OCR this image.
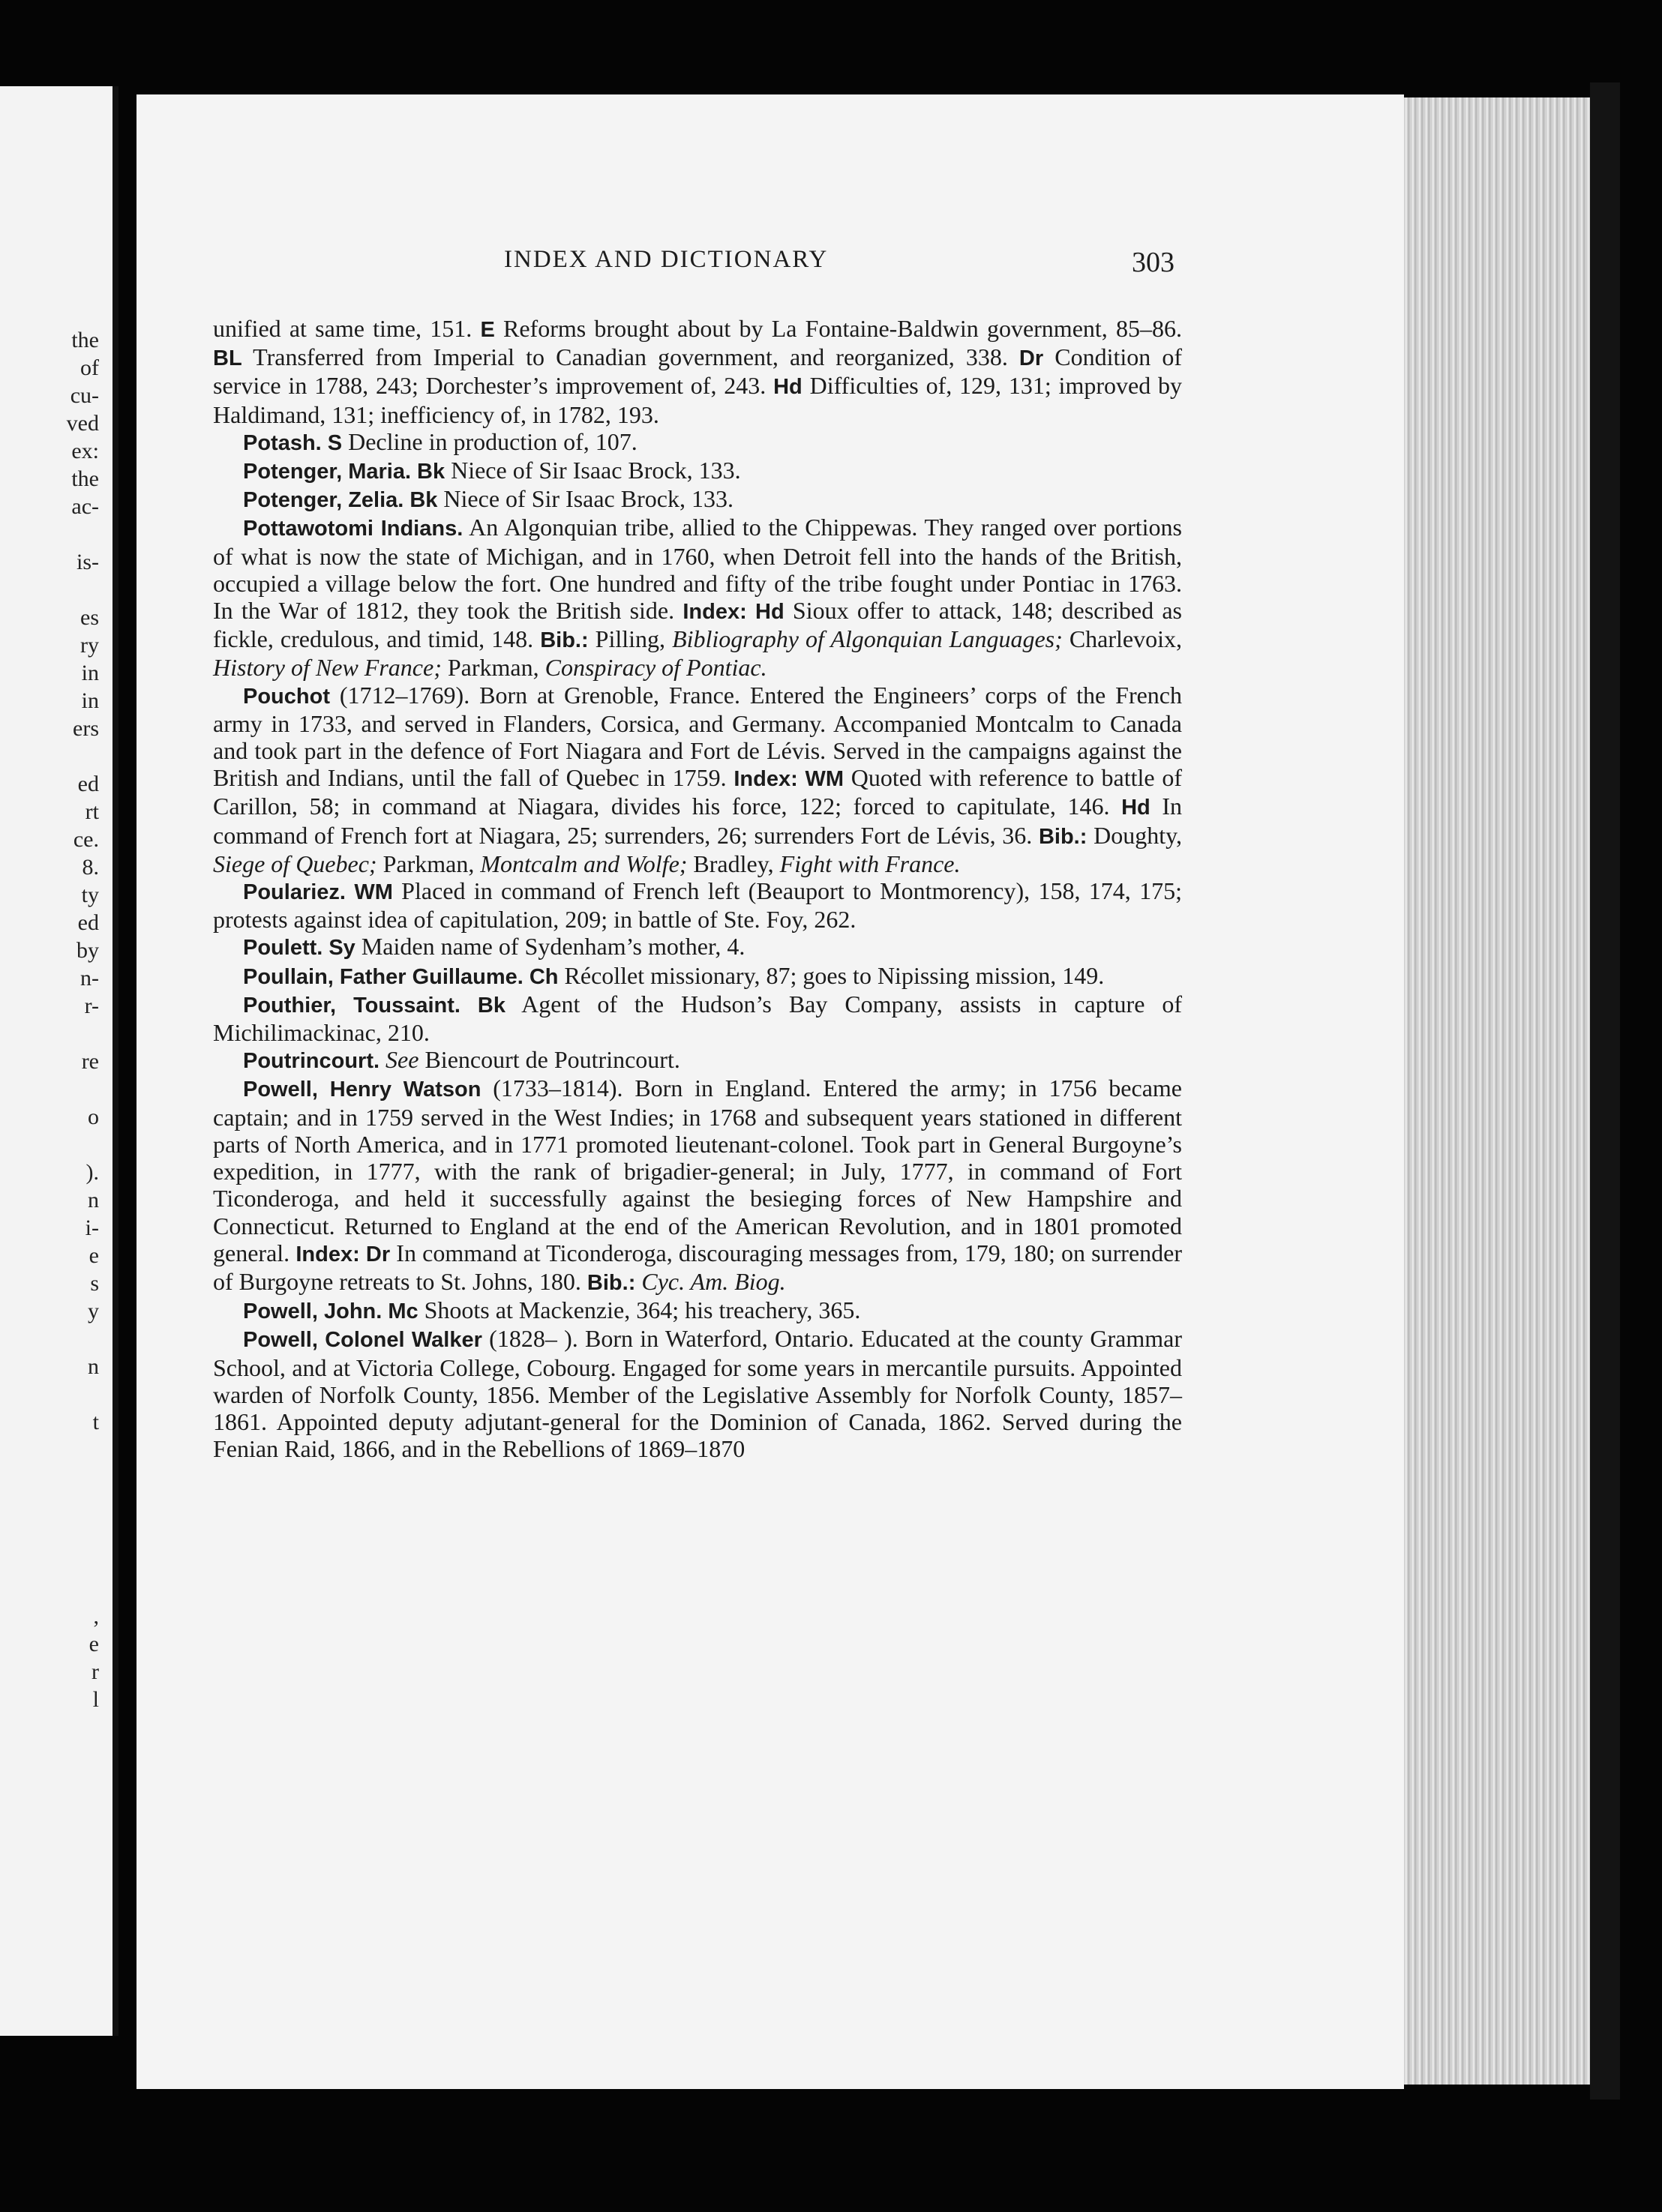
the
of
cu-
ved
ex:
the
ac-
is-
es
ry
in
in
ers
ed
rt
ce.
8.
ty
ed
by
n-
r-
re
o
).
n
i-
e
s
y
n
t
,
e
r
l
INDEX AND DICTIONARY	303

unified at same time, 151. E Reforms brought about by La Fontaine-Baldwin government, 85–86. BL Transferred from Imperial to Canadian government, and reorganized, 338. Dr Condition of service in 1788, 243; Dorchester’s improvement of, 243. Hd Difficulties of, 129, 131; improved by Haldimand, 131; inefficiency of, in 1782, 193.

Potash. S Decline in production of, 107.

Potenger, Maria. Bk Niece of Sir Isaac Brock, 133.

Potenger, Zelia. Bk Niece of Sir Isaac Brock, 133.

Pottawotomi Indians. An Algonquian tribe, allied to the Chippewas. They ranged over portions of what is now the state of Michigan, and in 1760, when Detroit fell into the hands of the British, occupied a village below the fort. One hundred and fifty of the tribe fought under Pontiac in 1763. In the War of 1812, they took the British side. Index: Hd Sioux offer to attack, 148; described as fickle, credulous, and timid, 148. Bib.: Pilling, Bibliography of Algonquian Languages; Charlevoix, History of New France; Parkman, Conspiracy of Pontiac.

Pouchot (1712–1769). Born at Grenoble, France. Entered the Engineers’ corps of the French army in 1733, and served in Flanders, Corsica, and Germany. Accompanied Montcalm to Canada and took part in the defence of Fort Niagara and Fort de Lévis. Served in the campaigns against the British and Indians, until the fall of Quebec in 1759. Index: WM Quoted with reference to battle of Carillon, 58; in command at Niagara, divides his force, 122; forced to capitulate, 146. Hd In command of French fort at Niagara, 25; surrenders, 26; surrenders Fort de Lévis, 36. Bib.: Doughty, Siege of Quebec; Parkman, Montcalm and Wolfe; Bradley, Fight with France.

Poulariez. WM Placed in command of French left (Beauport to Montmorency), 158, 174, 175; protests against idea of capitulation, 209; in battle of Ste. Foy, 262.

Poulett. Sy Maiden name of Sydenham’s mother, 4.

Poullain, Father Guillaume. Ch Récollet missionary, 87; goes to Nipissing mission, 149.

Pouthier, Toussaint. Bk Agent of the Hudson’s Bay Company, assists in capture of Michilimackinac, 210.

Poutrincourt. See Biencourt de Poutrincourt.

Powell, Henry Watson (1733–1814). Born in England. Entered the army; in 1756 became captain; and in 1759 served in the West Indies; in 1768 and subsequent years stationed in different parts of North America, and in 1771 promoted lieutenant-colonel. Took part in General Burgoyne’s expedition, in 1777, with the rank of brigadier-general; in July, 1777, in command of Fort Ticonderoga, and held it successfully against the besieging forces of New Hampshire and Connecticut. Returned to England at the end of the American Revolution, and in 1801 promoted general. Index: Dr In command at Ticonderoga, discouraging messages from, 179, 180; on surrender of Burgoyne retreats to St. Johns, 180. Bib.: Cyc. Am. Biog.

Powell, John. Mc Shoots at Mackenzie, 364; his treachery, 365.

Powell, Colonel Walker (1828– ). Born in Waterford, Ontario. Educated at the county Grammar School, and at Victoria College, Cobourg. Engaged for some years in mercantile pursuits. Appointed warden of Norfolk County, 1856. Member of the Legislative Assembly for Norfolk County, 1857–1861. Appointed deputy adjutant-general for the Dominion of Canada, 1862. Served during the Fenian Raid, 1866, and in the Rebellions of 1869–1870
